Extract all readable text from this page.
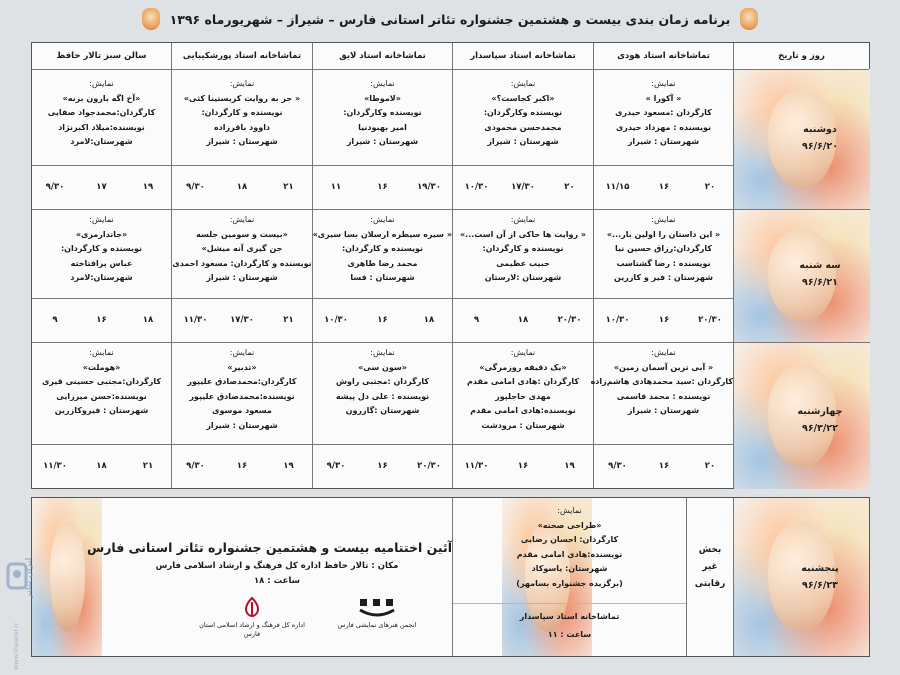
برنامه زمان بندی بیست و هشتمین جشنواره تئاتر استانی فارس – شیراز – شهریورماه ۱۳۹۶
روز و تاریخ
تماشاخانه استاد هودی
تماشاخانه استاد سپاسدار
تماشاخانه استاد لایق
تماشاخانه استاد پورشکیبایی
سالن سبز تالار حافظ
دوشنبه
۹۶/۶/۲۰
سه شنبه
۹۶/۶/۲۱
چهارشنبه
۹۶/۳/۲۲
نمایش:
« آکورا »
کارگردان :مسعود حیدری
نویسنده : مهرداد حیدری
شهرستان : شیراز
نمایش:
«اکبر کجاست؟»
نویسنده وکارگردان:
محمدحسن محمودی
شهرستان : شیراز
نمایش:
«لاموطا»
نویسنده وکارگردان:
امیر بهبودنیا
شهرستان : شیراز
نمایش:
« جز به روایت کریستینا کثی»
نویسنده و کارگردان:
داوود باقرزاده
شهرستان : شیراز
نمایش:
«آخ اگه بارون بزنه»
کارگردان:محمدجواد صفایی
نویسنده:میلاد اکبرنژاد
شهرستان:لامرد
۲۰
۱۶
۱۱/۱۵
۲۰
۱۷/۳۰
۱۰/۳۰
۱۹/۳۰
۱۶
۱۱
۲۱
۱۸
۹/۳۰
۱۹
۱۷
۹/۳۰
نمایش:
« این داستان را اولین بار...»
کارگردان:رزاق حسین نیا
نویسنده : رضا گشتاسب
شهرستان : فیر و کازرین
نمایش:
« روایت ها حاکی از آن است...»
نویسنده و کارگردان:
حبیب عظیمی
شهرستان :لارستان
نمایش:
« سیره سیطره ارسلان بسا سیری»
نویسنده و کارگردان:
محمد رضا طاهری
شهرستان : فسا
نمایش:
«بیست و سومین جلسه
جن گیری آنه میشل»
نویسنده و کارگردان: مسعود احمدی
شهرستان : شیراز
نمایش:
«جاندارمری»
نویسنده و کارگردان:
عباس پرافتاخته
شهرستان:لامرد
۲۰/۳۰
۱۶
۱۰/۳۰
۲۰/۳۰
۱۸
۹
۱۸
۱۶
۱۰/۳۰
۲۱
۱۷/۳۰
۱۱/۳۰
۱۸
۱۶
۹
نمایش:
« آبی ترین آسمان زمین»
کارگردان :سید محمدهادی هاشم‌زاده
نویسنده : محمد قاسمی
شهرستان : شیراز
نمایش:
«یک دقیقه روزمرگی»
کارگردان :هادی امامی مقدم
مهدی حاجلپور
نویسنده:هادی امامی مقدم
شهرستان : مرودشت
نمایش:
«سون سی»
کارگردان :مجتبی راوش
نویسنده : علی دل پیشه
شهرستان :گازرون
نمایش:
«تدبیر»
کارگردان:محمدصادق علیپور
نویسنده:محمدصادق علیپور
مسعود موسوی
شهرستان : شیراز
نمایش:
«هوملت»
کارگردان:مجتبی حسینی قیری
نویسنده:حسن میرزایی
شهرستان : فیروکازرین
۲۰
۱۶
۹/۳۰
۱۹
۱۶
۱۱/۳۰
۲۰/۳۰
۱۶
۹/۳۰
۱۹
۱۶
۹/۳۰
۲۱
۱۸
۱۱/۳۰
پنجشنبه
۹۶/۶/۲۳
بخش
غیر
رقابتی
نمایش:
«طراحی صحنه»
کارگردان: احسان رضایی
نویسنده:هادی امامی مقدم
شهرستان: یاسوکاد
(برگزیده جشنواره بسامهر)
تماشاخانه استاد سپاسدار
ساعت : ۱۱
آئین اختتامیه بیست و هشتمین جشنواره تئاتر استانی فارس
مکان : تالار حافظ اداره کل فرهنگ و ارشاد اسلامی فارس
ساعت : ۱۸
اداره کل فرهنگ و ارشاد اسلامی استان فارس
انجمن هنرهای نمایشی فارس
ایران تئاتر
www.theater.ir
